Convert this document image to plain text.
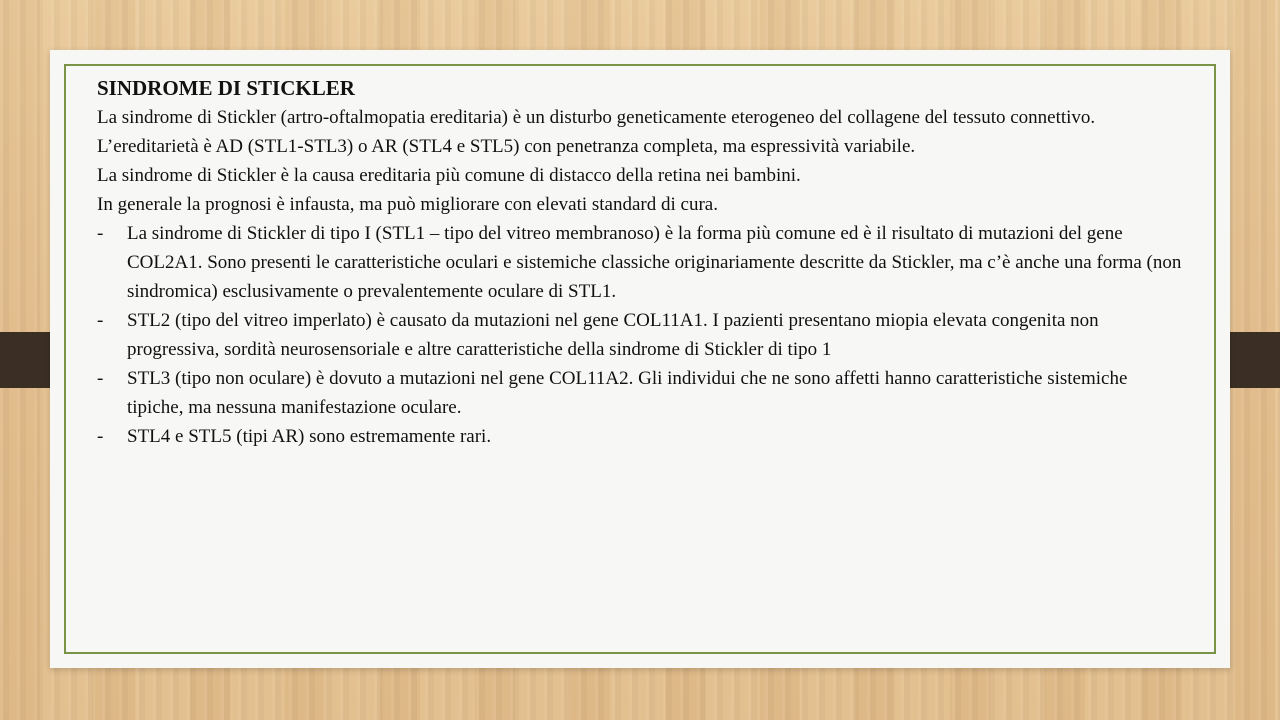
SINDROME DI STICKLER

La sindrome di Stickler (artro-oftalmopatia ereditaria) è un disturbo geneticamente eterogeneo del collagene del tessuto connettivo.

L’ereditarietà è AD (STL1-STL3) o AR (STL4 e STL5) con penetranza completa, ma espressività variabile.

La sindrome di Stickler è la causa ereditaria più comune di distacco della retina nei bambini.

In generale la prognosi è infausta, ma può migliorare con elevati standard di cura.

- La sindrome di Stickler di tipo I (STL1 – tipo del vitreo membranoso) è la forma più comune ed è il risultato di mutazioni del gene COL2A1. Sono presenti le caratteristiche oculari e sistemiche classiche originariamente descritte da Stickler, ma c’è anche una forma (non sindromica) esclusivamente o prevalentemente oculare di STL1.
- STL2 (tipo del vitreo imperlato) è causato da mutazioni nel gene COL11A1. I pazienti presentano miopia elevata congenita non progressiva, sordità neurosensoriale e altre caratteristiche della sindrome di Stickler di tipo 1
- STL3 (tipo non oculare) è dovuto a mutazioni nel gene COL11A2. Gli individui che ne sono affetti hanno caratteristiche sistemiche tipiche, ma nessuna manifestazione oculare.
- STL4 e STL5 (tipi AR) sono estremamente rari.
